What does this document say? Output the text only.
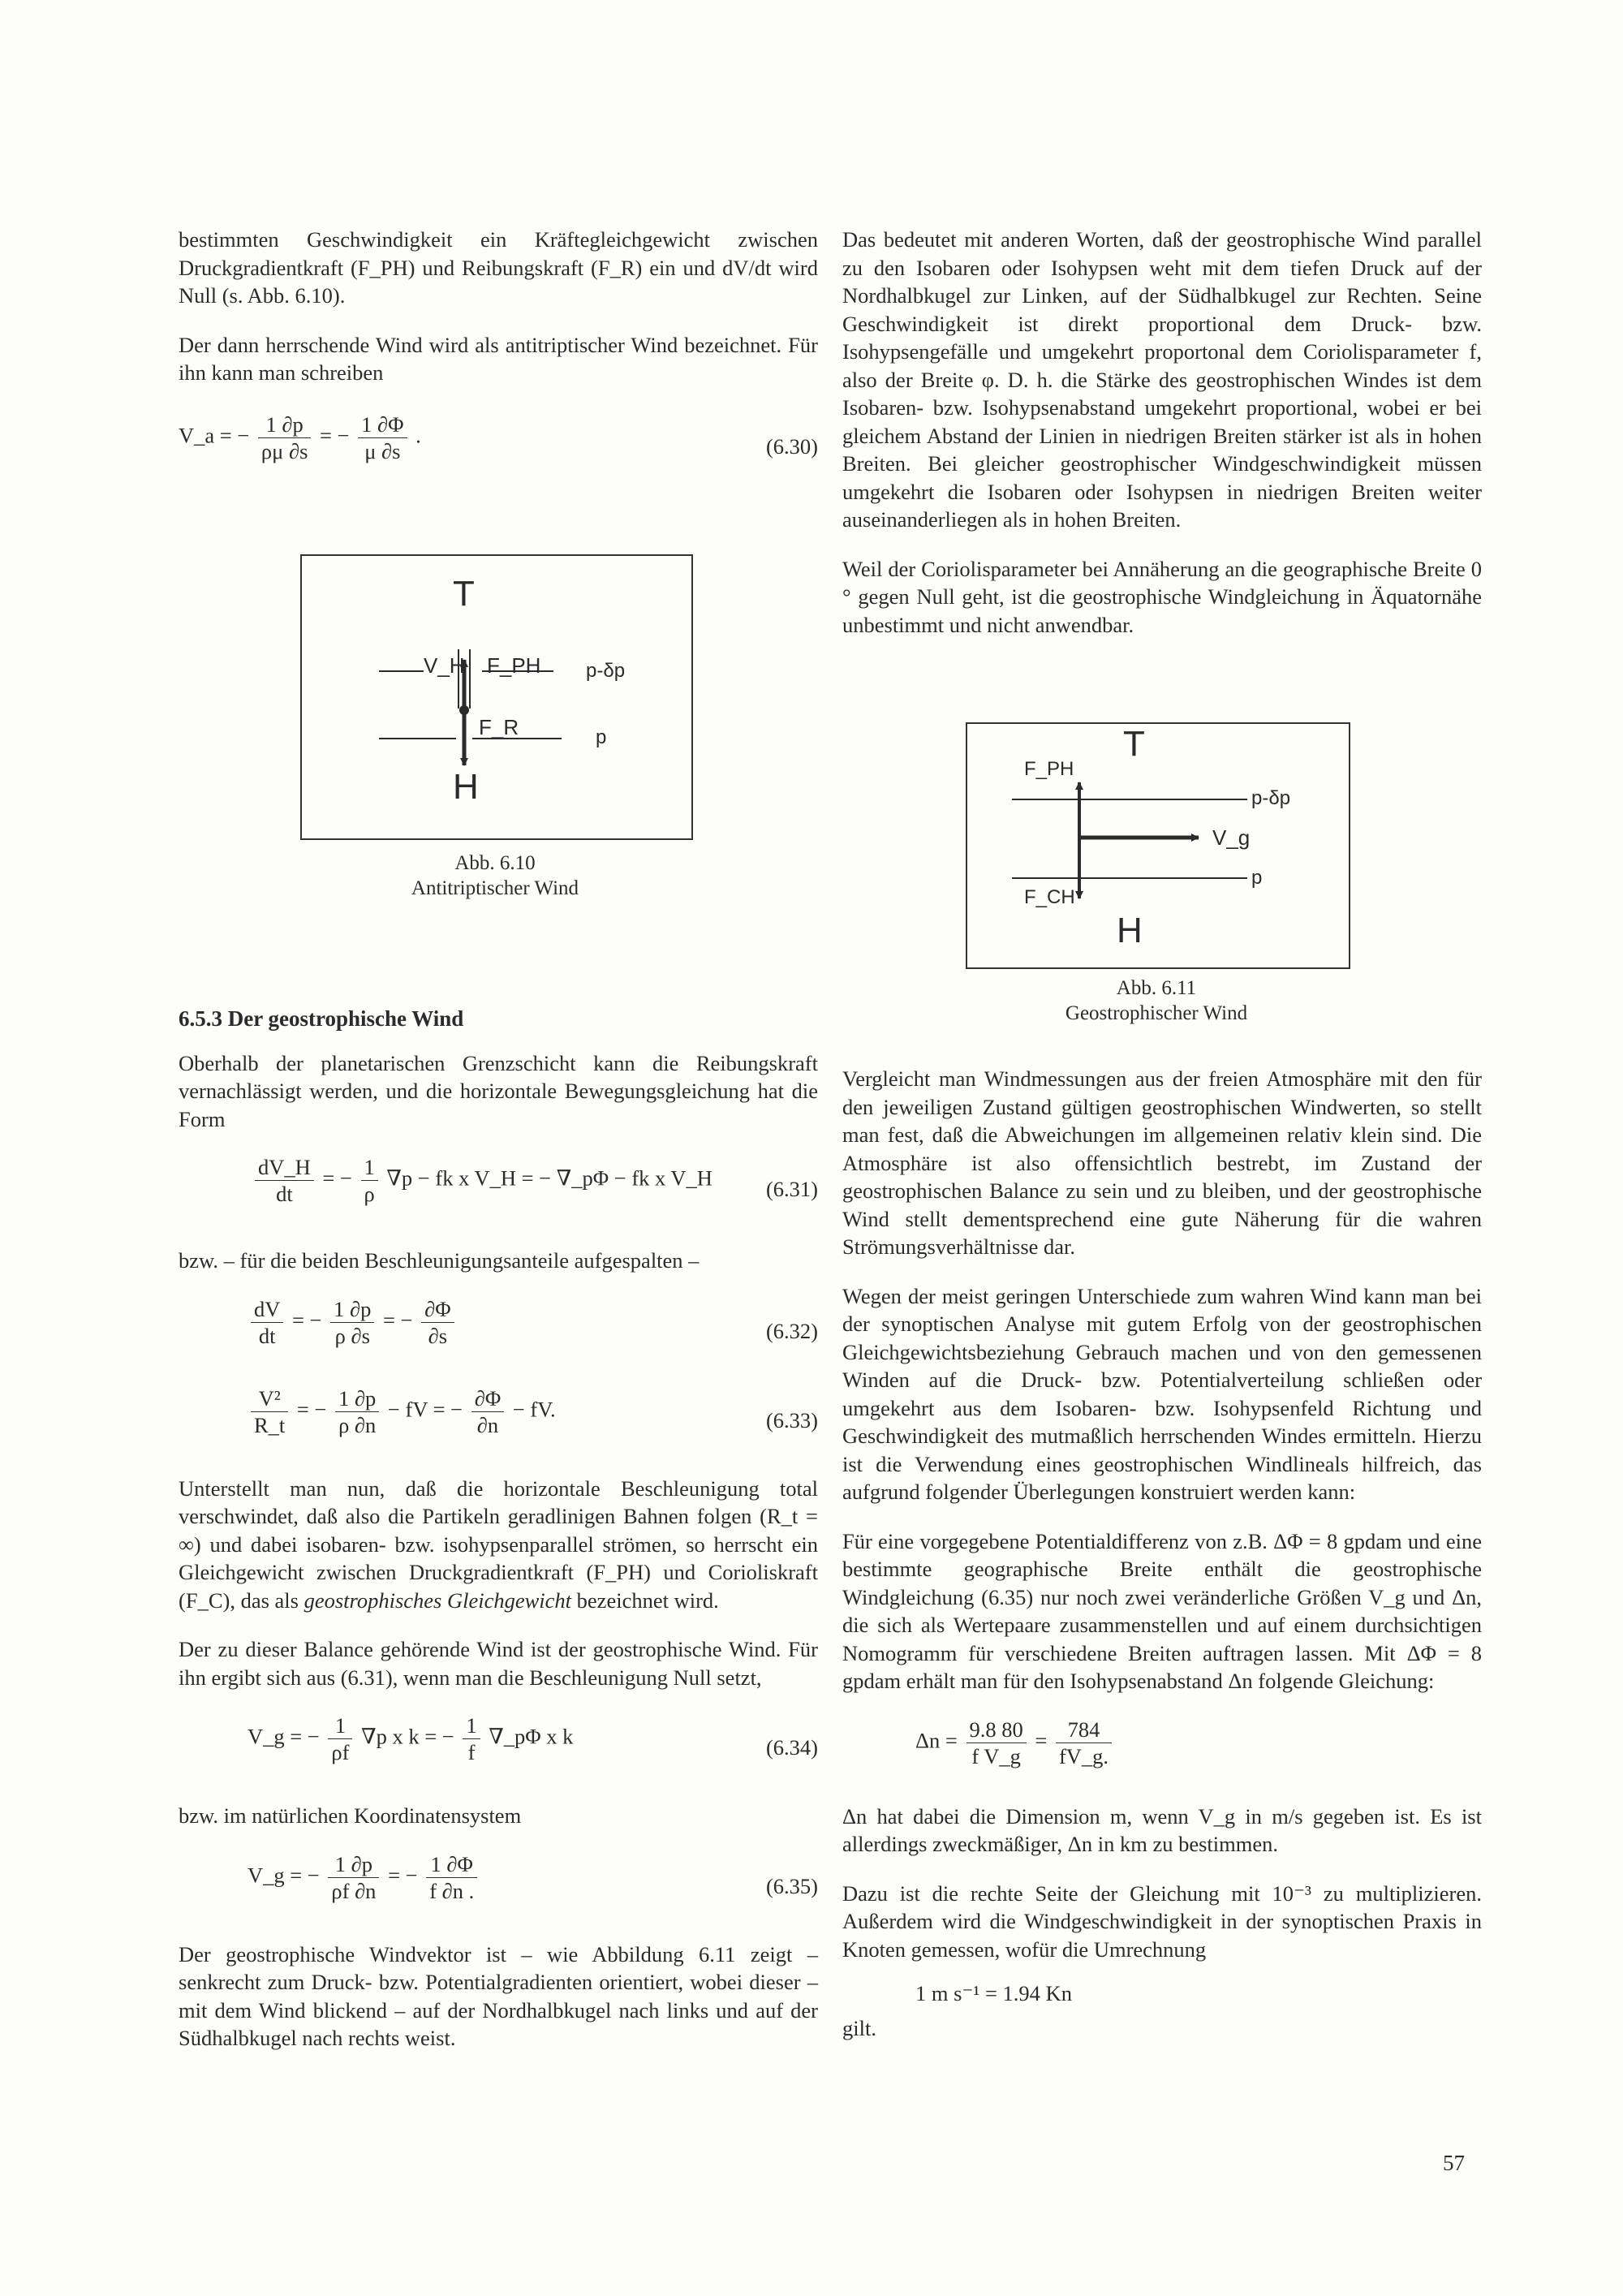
bestimmten Geschwindigkeit ein Kräftegleichgewicht zwischen Druckgradientkraft (F_PH) und Reibungskraft (F_R) ein und dV/dt wird Null (s. Abb. 6.10).

Der dann herrschende Wind wird als antitriptischer Wind bezeichnet. Für ihn kann man schreiben

V_a = − $\frac{1 \partial p}{\rho\mu \partial s}$ = − $\frac{1 \partial\Phi}{\mu \partial s}$ .	(6.30)
T
H
V_H F_PH
F_R
p-δp
p
Abb. 6.10
Antitriptischer Wind
6.5.3 Der geostrophische Wind

Oberhalb der planetarischen Grenzschicht kann die Reibungskraft vernachlässigt werden, und die horizontale Bewegungsgleichung hat die Form

$\frac{dV\_H}{dt}$ = − $\frac{1}{\rho} \nabla p$ − fk x V_H = − ∇_pΦ − fk x V_H (6.31)

bzw. – für die beiden Beschleunigungsanteile aufgespalten –

$\frac{dV}{dt}$ = − $\frac{1 \partial p}{\rho \partial s}$ = − $\frac{\partial\Phi}{\partial s}$	(6.32)
$\frac{\text{V²}}{R\_t}$ = − $\frac{1 \partial p}{\rho \partial n}$ − fV = − $\frac{\partial\Phi}{\partial n}$ − fV.	(6.33)

Unterstellt man nun, daß die horizontale Beschleunigung total verschwindet, daß also die Partikeln geradlinigen Bahnen folgen (R_t = ∞) und dabei isobaren- bzw. isohypsenparallel strömen, so herrscht ein Gleichgewicht zwischen Druckgradientkraft (F_PH) und Corioliskraft (F_C), das als geostrophisches Gleichgewicht bezeichnet wird.

Der zu dieser Balance gehörende Wind ist der geostrophische Wind. Für ihn ergibt sich aus (6.31), wenn man die Beschleunigung Null setzt,

V_g = − $\frac{1}{\rho f} \nabla p$ x k = − $\frac{1}{f}$ ∇_pΦ x k	(6.34)

bzw. im natürlichen Koordinatensystem

V_g = − $\frac{1 \partial p}{\rho f \partial n}$ = − $\frac{1 \partial\Phi}{f \partial n .}$	(6.35)

Der geostrophische Windvektor ist – wie Abbildung 6.11 zeigt – senkrecht zum Druck- bzw. Potentialgradienten orientiert, wobei dieser – mit dem Wind blickend – auf der Nordhalbkugel nach links und auf der Südhalbkugel nach rechts weist.

Das bedeutet mit anderen Worten, daß der geostrophische Wind parallel zu den Isobaren oder Isohypsen weht mit dem tiefen Druck auf der Nordhalbkugel zur Linken, auf der Südhalbkugel zur Rechten. Seine Geschwindigkeit ist direkt proportional dem Druck- bzw. Isohypsengefälle und umgekehrt proportonal dem Coriolisparameter f, also der Breite φ. D. h. die Stärke des geostrophischen Windes ist dem Isobaren- bzw. Isohypsenabstand umgekehrt proportional, wobei er bei gleichem Abstand der Linien in niedrigen Breiten stärker ist als in hohen Breiten. Bei gleicher geostrophischer Windgeschwindigkeit müssen umgekehrt die Isobaren oder Isohypsen in niedrigen Breiten weiter auseinanderliegen als in hohen Breiten.

Weil der Coriolisparameter bei Annäherung an die geographische Breite 0 ° gegen Null geht, ist die geostrophische Windgleichung in Äquatornähe unbestimmt und nicht anwendbar.

T
H
F_PH
F_CH
V_g
p-δp
p
Abb. 6.11
Geostrophischer Wind

Vergleicht man Windmessungen aus der freien Atmosphäre mit den für den jeweiligen Zustand gültigen geostrophischen Windwerten, so stellt man fest, daß die Abweichungen im allgemeinen relativ klein sind. Die Atmosphäre ist also offensichtlich bestrebt, im Zustand der geostrophischen Balance zu sein und zu bleiben, und der geostrophische Wind stellt dementsprechend eine gute Näherung für die wahren Strömungsverhältnisse dar.

Wegen der meist geringen Unterschiede zum wahren Wind kann man bei der synoptischen Analyse mit gutem Erfolg von der geostrophischen Gleichgewichtsbeziehung Gebrauch machen und von den gemessenen Winden auf die Druck- bzw. Potentialverteilung schließen oder umgekehrt aus dem Isobaren- bzw. Isohypsenfeld Richtung und Geschwindigkeit des mutmaßlich herrschenden Windes ermitteln. Hierzu ist die Verwendung eines geostrophischen Windlineals hilfreich, das aufgrund folgender Überlegungen konstruiert werden kann:

Für eine vorgegebene Potentialdifferenz von z.B. ΔΦ = 8 gpdam und eine bestimmte geographische Breite enthält die geostrophische Windgleichung (6.35) nur noch zwei veränderliche Größen V_g und Δn, die sich als Wertepaare zusammenstellen und auf einem durchsichtigen Nomogramm für verschiedene Breiten auftragen lassen. Mit ΔΦ = 8 gpdam erhält man für den Isohypsenabstand Δn folgende Gleichung:

$\Delta n = \frac{9.8 80}{\text{f V\_g}} = \frac{784}{fV\_g.}$

Δn hat dabei die Dimension m, wenn V_g in m/s gegeben ist. Es ist allerdings zweckmäßiger, Δn in km zu bestimmen.

Dazu ist die rechte Seite der Gleichung mit 10⁻³ zu multiplizieren. Außerdem wird die Windgeschwindigkeit in der synoptischen Praxis in Knoten gemessen, wofür die Umrechnung

1 m s⁻¹ = 1.94 Kn

gilt.

57
